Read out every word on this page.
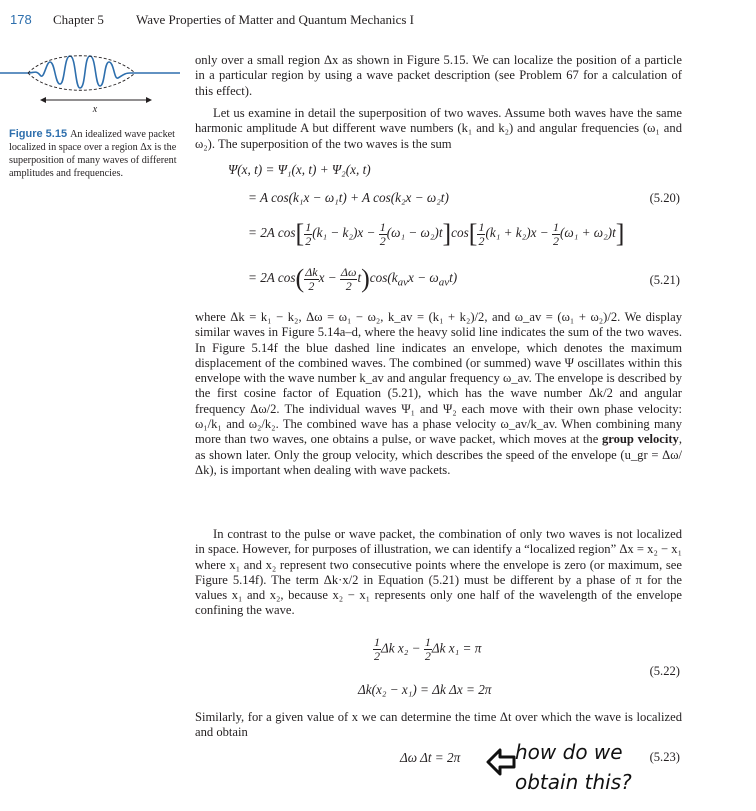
178 Chapter 5 Wave Properties of Matter and Quantum Mechanics I
x
Figure 5.15 An idealized wave packet localized in space over a region Δx is the superposition of many waves of different amplitudes and frequencies.

only over a small region Δx as shown in Figure 5.15. We can localize the position of a particle in a particular region by using a wave packet description (see Problem 67 for a calculation of this effect).

Let us examine in detail the superposition of two waves. Assume both waves have the same harmonic amplitude A but different wave numbers (k₁ and k₂) and angular frequencies (ω₁ and ω₂). The superposition of the two waves is the sum

Ψ(x, t) = Ψ₁(x, t) + Ψ₂(x, t)
= A cos(k₁x − ω₁t) + A cos(k₂x − ω₂t)	(5.20)
= 2A $\cos[ \frac{1}{2} (k_1 - k_2)x - \frac{1}{2} (\omega_1 - \omega_2)t]\cos[ \frac{1}{2} (k_1 + k_2)x - \frac{1}{2} (\omega_1 + \omega_2)t]$
= 2A $\cos( \frac{\Delta k}{2}$ $x - \frac{\Delta\omega}{2} t)\cos(k_{av}x - \omega_{av}t)$	(5.21)

where Δk = k₁ − k₂, Δω = ω₁ − ω₂, k_av = (k₁ + k₂)/2, and ω_av = (ω₁ + ω₂)/2. We display similar waves in Figure 5.14a–d, where the heavy solid line indicates the sum of the two waves. In Figure 5.14f the blue dashed line indicates an envelope, which denotes the maximum displacement of the combined waves. The combined (or summed) wave Ψ oscillates within this envelope with the wave number k_av and angular frequency ω_av. The envelope is described by the first cosine factor of Equation (5.21), which has the wave number Δk/2 and angular frequency Δω/2. The individual waves Ψ₁ and Ψ₂ each move with their own phase velocity: ω₁/k₁ and ω₂/k₂. The combined wave has a phase velocity ω_av/k_av. When combining many more than two waves, one obtains a pulse, or wave packet, which moves at the group velocity, as shown later. Only the group velocity, which describes the speed of the envelope (u_gr = Δω/Δk), is important when dealing with wave packets.

In contrast to the pulse or wave packet, the combination of only two waves is not localized in space. However, for purposes of illustration, we can identify a “localized region” Δx = x₂ − x₁ where x₁ and x₂ represent two consecutive points where the envelope is zero (or maximum, see Figure 5.14f). The term Δk·x/2 in Equation (5.21) must be different by a phase of π for the values x₁ and x₂, because x₂ − x₁ represents only one half of the wavelength of the envelope confining the wave.

$\frac{1}{2}$ Δk $x_2 - \frac{1}{2}$ Δk x₁ = π
Δk(x₂ − x₁) = Δk Δx = 2π
(5.22)

Similarly, for a given value of x we can determine the time Δt over which the wave is localized and obtain

Δω Δt = 2π	(5.23)
how do we
obtain this?
